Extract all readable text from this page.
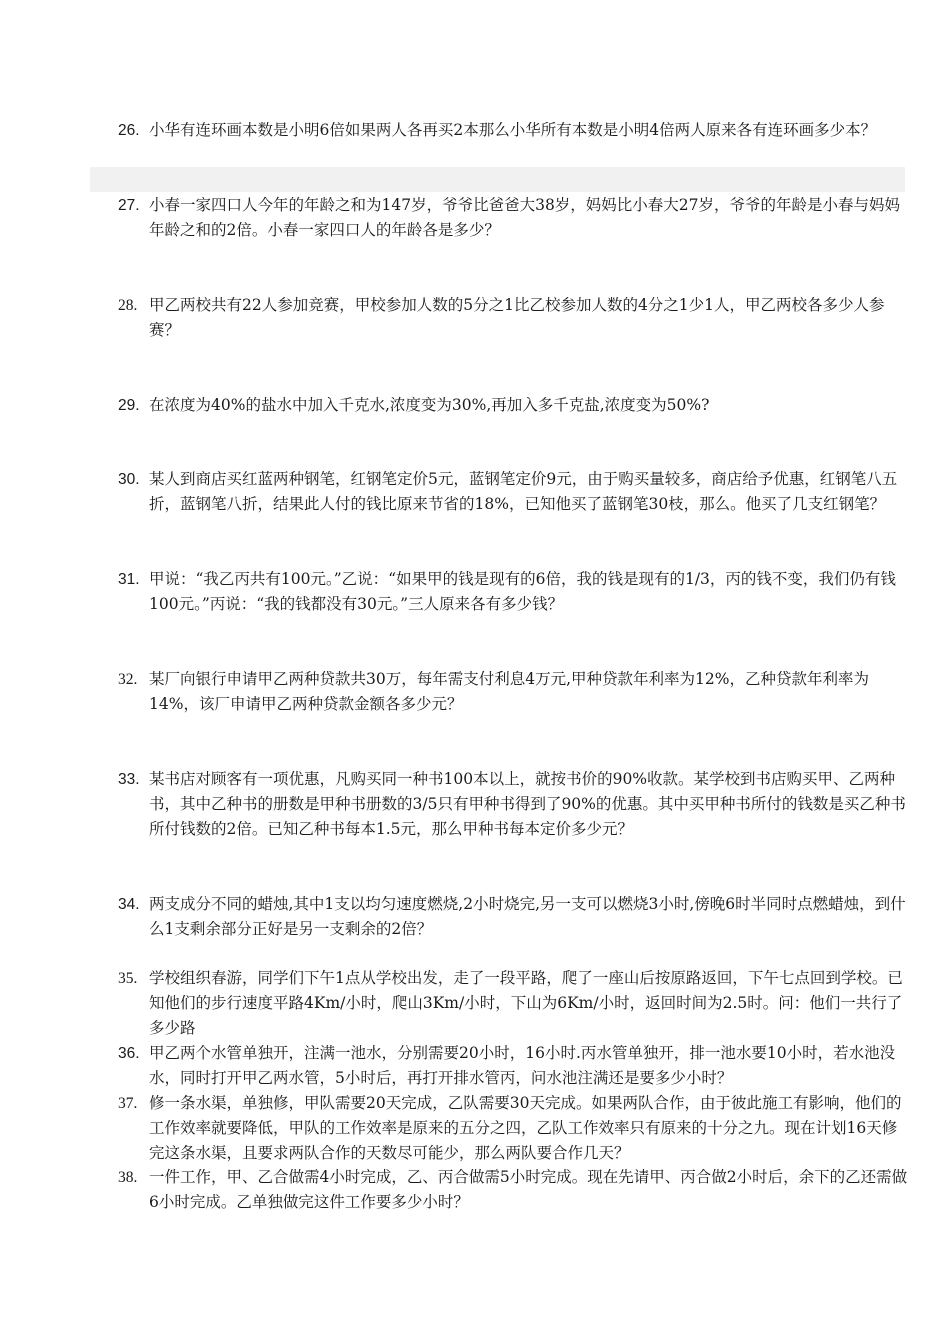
26. 小华有连环画本数是小明6倍如果两人各再买2本那么小华所有本数是小明4倍两人原来各有连环画多少本？
27. 小春一家四口人今年的年龄之和为147岁，爷爷比爸爸大38岁，妈妈比小春大27岁，爷爷的年龄是小春与妈妈年龄之和的2倍。小春一家四口人的年龄各是多少？
28. 甲乙两校共有22人参加竞赛，甲校参加人数的5分之1比乙校参加人数的4分之1少1人，甲乙两校各多少人参赛？
29. 在浓度为40%的盐水中加入千克水,浓度变为30%,再加入多千克盐,浓度变为50%?
30. 某人到商店买红蓝两种钢笔，红钢笔定价5元，蓝钢笔定价9元，由于购买量较多，商店给予优惠，红钢笔八五折，蓝钢笔八折，结果此人付的钱比原来节省的18%，已知他买了蓝钢笔30枝，那么。他买了几支红钢笔？
31. 甲说：“我乙丙共有100元。”乙说：“如果甲的钱是现有的6倍，我的钱是现有的1/3，丙的钱不变，我们仍有钱100元。”丙说：“我的钱都没有30元。”三人原来各有多少钱？
32. 某厂向银行申请甲乙两种贷款共30万，每年需支付利息4万元,甲种贷款年利率为12%，乙种贷款年利率为14%，该厂申请甲乙两种贷款金额各多少元？
33. 某书店对顾客有一项优惠，凡购买同一种书100本以上，就按书价的90%收款。某学校到书店购买甲、乙两种书，其中乙种书的册数是甲种书册数的3/5只有甲种书得到了90%的优惠。其中买甲种书所付的钱数是买乙种书所付钱数的2倍。已知乙种书每本1.5元，那么甲种书每本定价多少元？
34. 两支成分不同的蜡烛,其中1支以均匀速度燃烧,2小时烧完,另一支可以燃烧3小时,傍晚6时半同时点燃蜡烛，到什么1支剩余部分正好是另一支剩余的2倍？
35. 学校组织春游，同学们下午1点从学校出发，走了一段平路，爬了一座山后按原路返回，下午七点回到学校。已知他们的步行速度平路4Km/小时，爬山3Km/小时，下山为6Km/小时，返回时间为2.5时。问：他们一共行了多少路
36. 甲乙两个水管单独开，注满一池水，分别需要20小时，16小时.丙水管单独开，排一池水要10小时，若水池没水，同时打开甲乙两水管，5小时后，再打开排水管丙，问水池注满还是要多少小时？
37. 修一条水渠，单独修，甲队需要20天完成，乙队需要30天完成。如果两队合作，由于彼此施工有影响，他们的工作效率就要降低，甲队的工作效率是原来的五分之四，乙队工作效率只有原来的十分之九。现在计划16天修完这条水渠，且要求两队合作的天数尽可能少，那么两队要合作几天？
38. 一件工作，甲、乙合做需4小时完成，乙、丙合做需5小时完成。现在先请甲、丙合做2小时后，余下的乙还需做6小时完成。乙单独做完这件工作要多少小时？
